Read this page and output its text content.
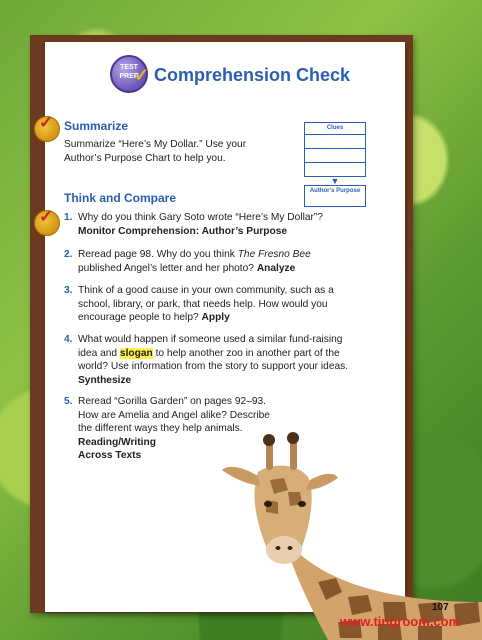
TEST PREP
✓ Comprehension Check
✓ Summarize
Summarize “Here’s My Dollar.” Use your
Author’s Purpose Chart to help you.
Clues
▼
Author’s Purpose
Think and Compare
✓ 1. Why do you think Gary Soto wrote “Here’s My Dollar”?
Monitor Comprehension: Author’s Purpose
2. Reread page 98. Why do you think The Fresno Bee
published Angel’s letter and her photo? Analyze
3. Think of a good cause in your own community, such as a school, library, or park, that needs help. How would you encourage people to help? Apply
4. What would happen if someone used a similar fund-raising idea and slogan to help another zoo in another part of the world? Use information from the story to support your ideas. Synthesize
5. Reread “Gorilla Garden” on pages 92–93. How are Amelia and Angel alike? Describe the different ways they help animals. Reading/Writing
Across Texts
107
www.tingroom.com
